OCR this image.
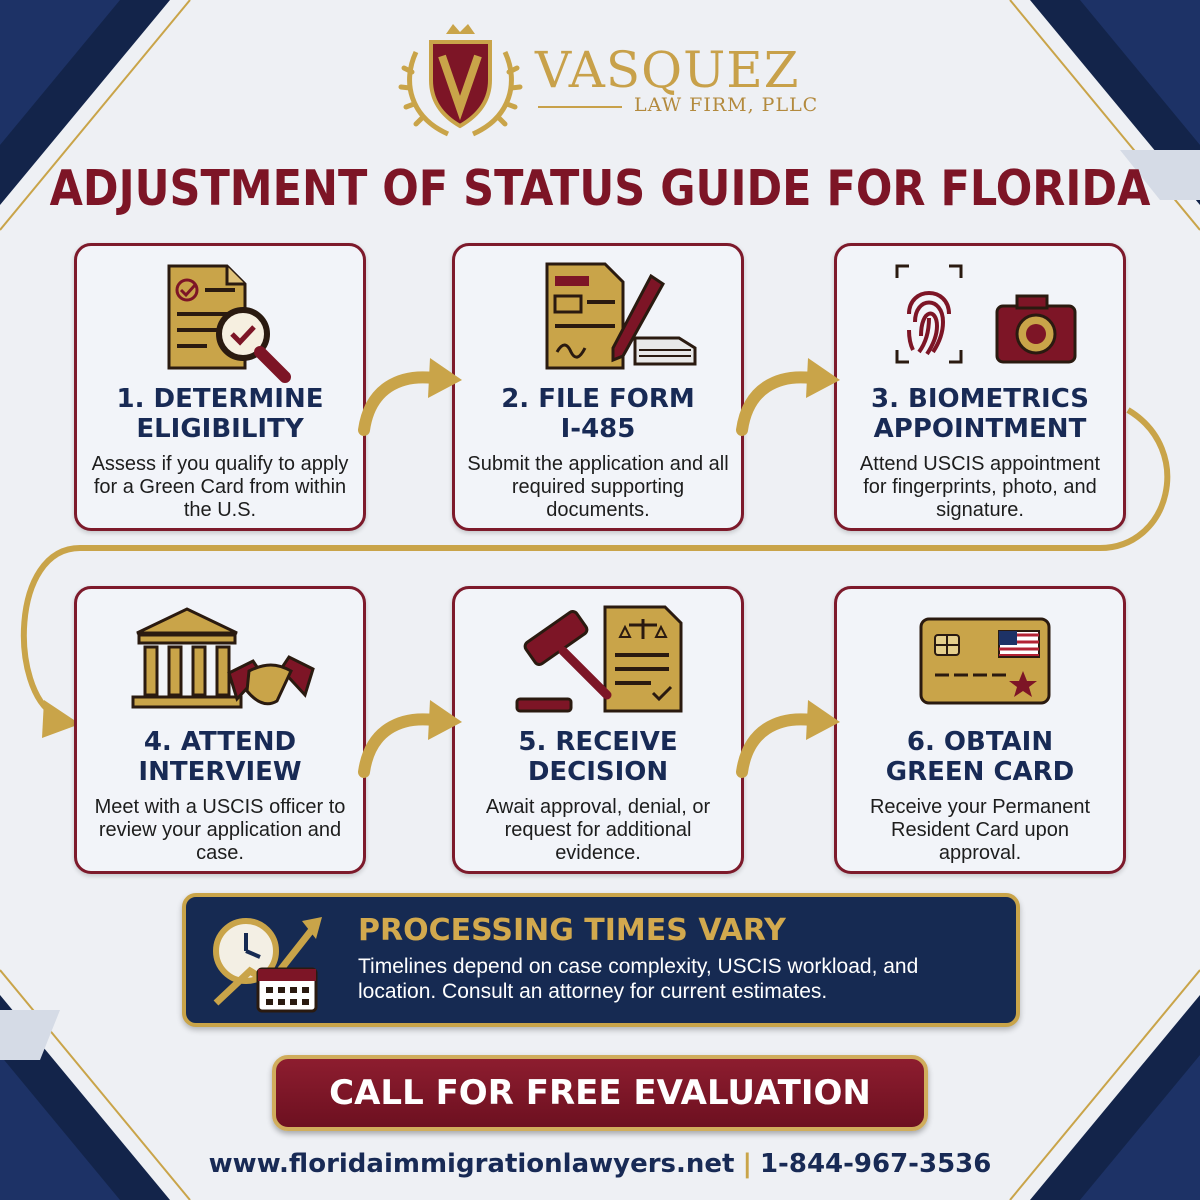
VASQUEZ
LAW FIRM, PLLC
ADJUSTMENT OF STATUS GUIDE FOR FLORIDA
1. DETERMINE
ELIGIBILITY
Assess if you qualify to apply for a Green Card from within the U.S.
2. FILE FORM
I-485
Submit the application and all required supporting documents.
3. BIOMETRICS
APPOINTMENT
Attend USCIS appointment for fingerprints, photo, and signature.
4. ATTEND
INTERVIEW
Meet with a USCIS officer to review your application and case.
5. RECEIVE
DECISION
Await approval, denial, or request for additional evidence.
6. OBTAIN
GREEN CARD
Receive your Permanent Resident Card upon approval.
PROCESSING TIMES VARY
Timelines depend on case complexity, USCIS workload, and location. Consult an attorney for current estimates.
CALL FOR FREE EVALUATION
www.floridaimmigrationlawyers.net | 1-844-967-3536
